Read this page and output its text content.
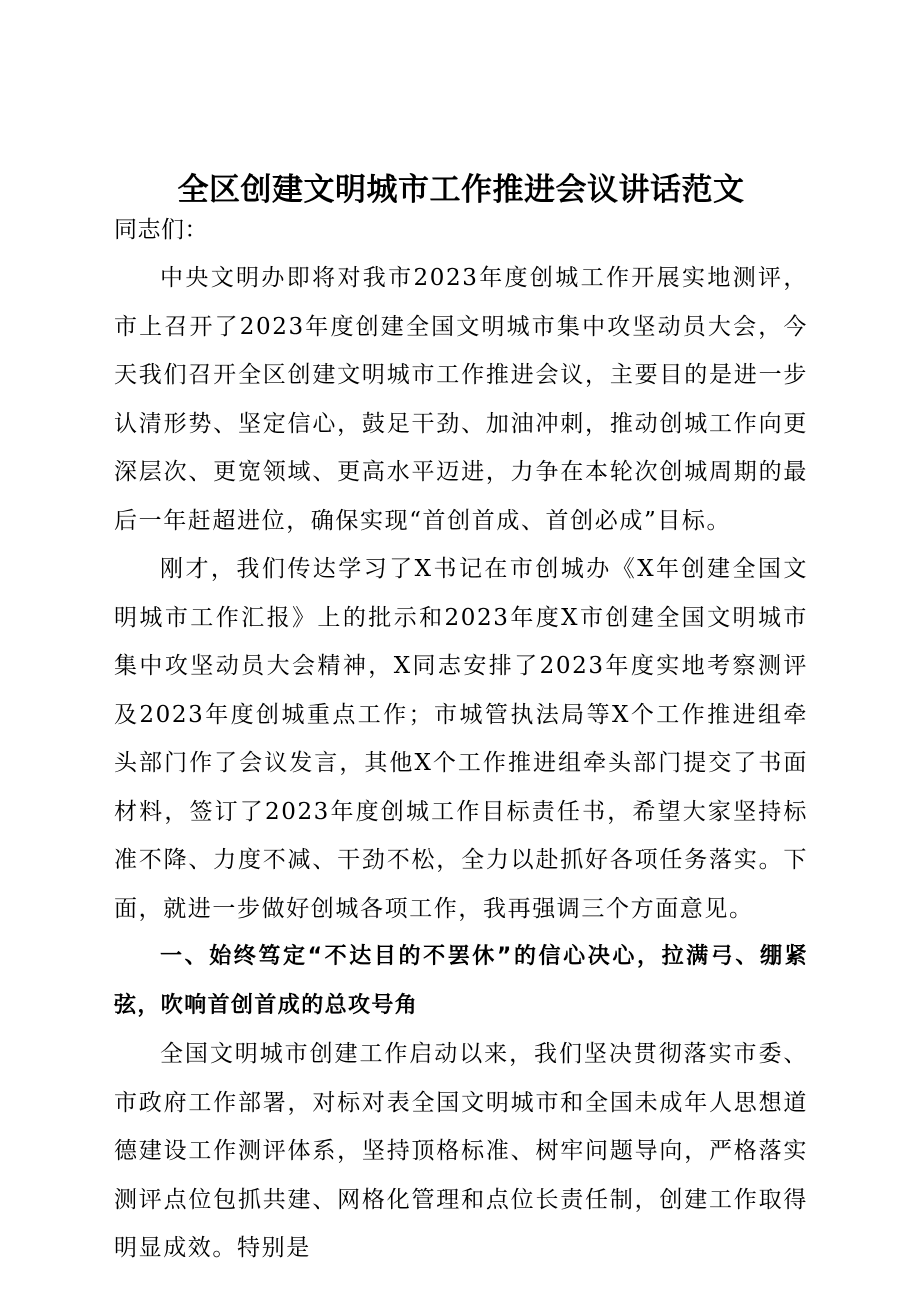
全区创建文明城市工作推进会议讲话范文
同志们：

中央文明办即将对我市2023年度创城工作开展实地测评，市上召开了2023年度创建全国文明城市集中攻坚动员大会，今天我们召开全区创建文明城市工作推进会议，主要目的是进一步认清形势、坚定信心，鼓足干劲、加油冲刺，推动创城工作向更深层次、更宽领域、更高水平迈进，力争在本轮次创城周期的最后一年赶超进位，确保实现“首创首成、首创必成”目标。

刚才，我们传达学习了X书记在市创城办《X年创建全国文明城市工作汇报》上的批示和2023年度X市创建全国文明城市集中攻坚动员大会精神，X同志安排了2023年度实地考察测评及2023年度创城重点工作；市城管执法局等X个工作推进组牵头部门作了会议发言，其他X个工作推进组牵头部门提交了书面材料，签订了2023年度创城工作目标责任书，希望大家坚持标准不降、力度不减、干劲不松，全力以赴抓好各项任务落实。下面，就进一步做好创城各项工作，我再强调三个方面意见。

一、始终笃定“不达目的不罢休”的信心决心，拉满弓、绷紧弦，吹响首创首成的总攻号角

全国文明城市创建工作启动以来，我们坚决贯彻落实市委、市政府工作部署，对标对表全国文明城市和全国未成年人思想道德建设工作测评体系，坚持顶格标准、树牢问题导向，严格落实测评点位包抓共建、网格化管理和点位长责任制，创建工作取得明显成效。特别是
